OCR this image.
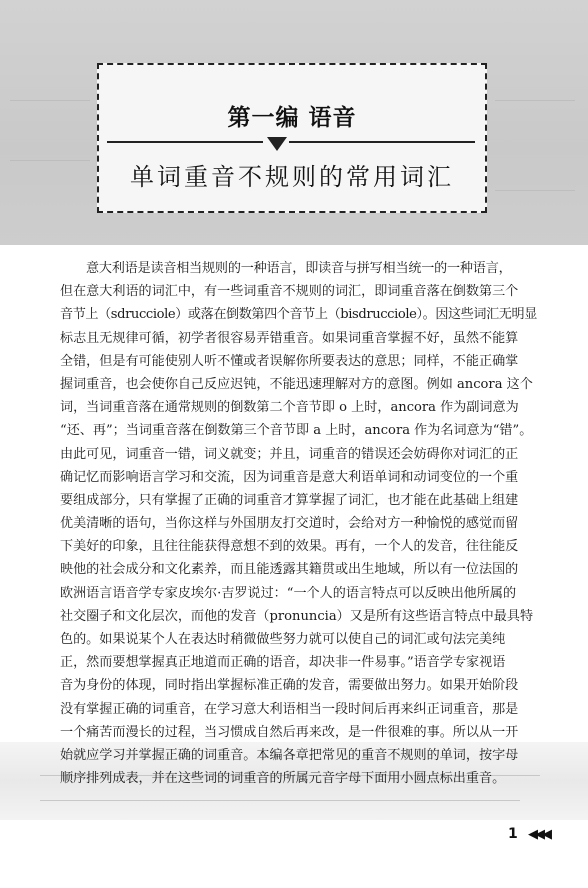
第一编 语音
单词重音不规则的常用词汇
意大利语是读音相当规则的一种语言，即读音与拼写相当统一的一种语言，
但在意大利语的词汇中，有一些词重音不规则的词汇，即词重音落在倒数第三个
音节上（sdrucciole）或落在倒数第四个音节上（bisdrucciole）。因这些词汇无明显
标志且无规律可循，初学者很容易弄错重音。如果词重音掌握不好，虽然不能算
全错，但是有可能使别人听不懂或者误解你所要表达的意思；同样，不能正确掌
握词重音，也会使你自己反应迟钝，不能迅速理解对方的意图。例如 ancora 这个
词，当词重音落在通常规则的倒数第二个音节即 o 上时，ancora 作为副词意为
“还、再”；当词重音落在倒数第三个音节即 a 上时，ancora 作为名词意为“错”。
由此可见，词重音一错，词义就变；并且，词重音的错误还会妨碍你对词汇的正
确记忆而影响语言学习和交流，因为词重音是意大利语单词和动词变位的一个重
要组成部分，只有掌握了正确的词重音才算掌握了词汇，也才能在此基础上组建
优美清晰的语句，当你这样与外国朋友打交道时，会给对方一种愉悦的感觉而留
下美好的印象，且往往能获得意想不到的效果。再有，一个人的发音，往往能反
映他的社会成分和文化素养，而且能透露其籍贯或出生地域，所以有一位法国的
欧洲语言语音学专家皮埃尔·吉罗说过：“一个人的语言特点可以反映出他所属的
社交圈子和文化层次，而他的发音（pronuncia）又是所有这些语言特点中最具特
色的。如果说某个人在表达时稍微做些努力就可以使自己的词汇或句法完美纯
正，然而要想掌握真正地道而正确的语音，却决非一件易事。”语音学专家视语
音为身份的体现，同时指出掌握标准正确的发音，需要做出努力。如果开始阶段
没有掌握正确的词重音，在学习意大利语相当一段时间后再来纠正词重音，那是
一个痛苦而漫长的过程，当习惯成自然后再来改，是一件很难的事。所以从一开
始就应学习并掌握正确的词重音。本编各章把常见的重音不规则的单词，按字母
顺序排列成表，并在这些词的词重音的所属元音字母下面用小圆点标出重音。
1 ◀◀◀
